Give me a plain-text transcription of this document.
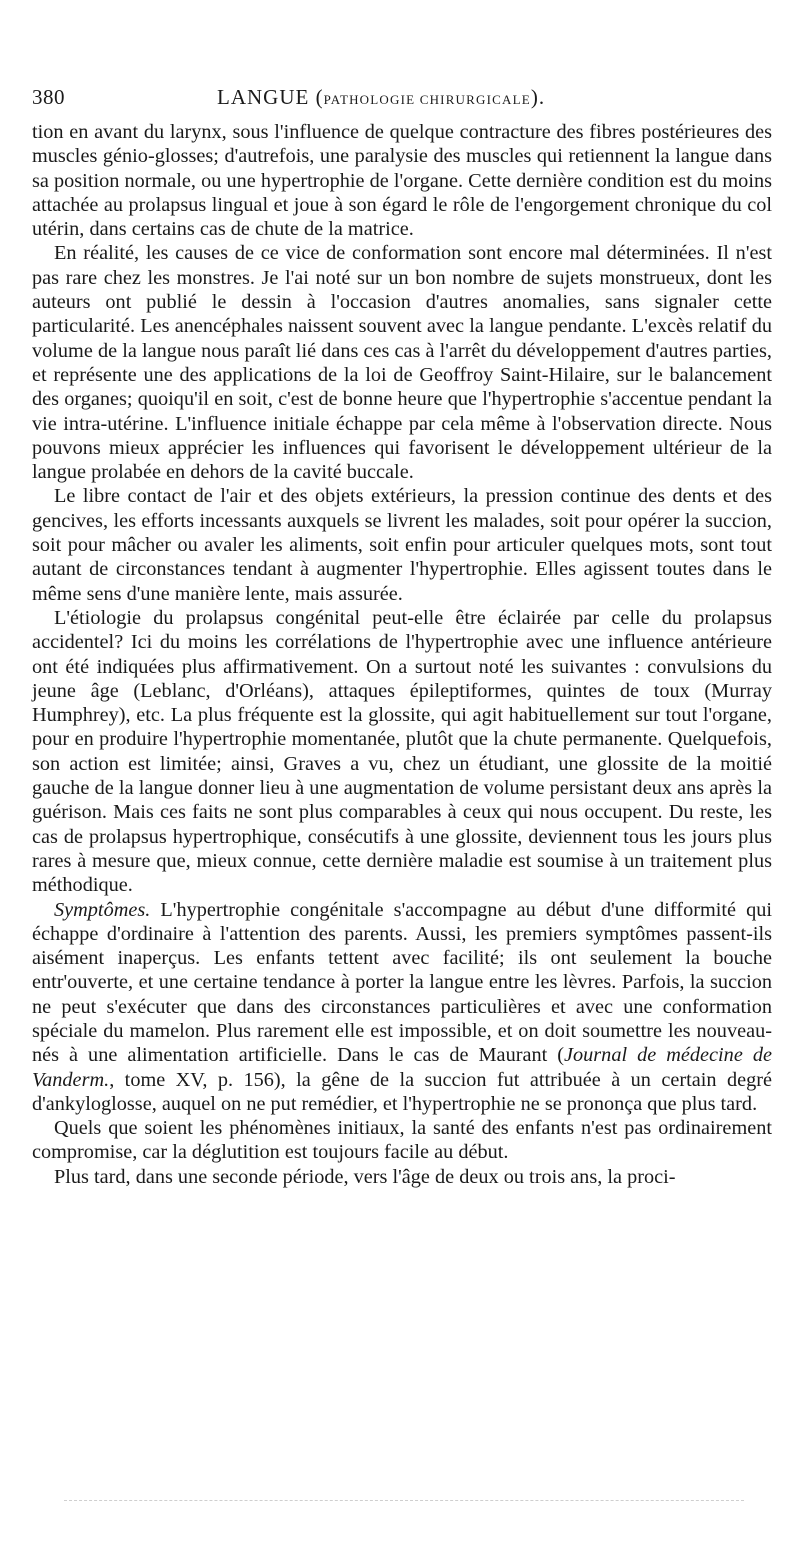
380	LANGUE (PATHOLOGIE CHIRURGICALE).

tion en avant du larynx, sous l'influence de quelque contracture des fibres postérieures des muscles génio-glosses; d'autrefois, une paralysie des muscles qui retiennent la langue dans sa position normale, ou une hypertrophie de l'organe. Cette dernière condition est du moins attachée au prolapsus lingual et joue à son égard le rôle de l'engorgement chronique du col utérin, dans certains cas de chute de la matrice.

En réalité, les causes de ce vice de conformation sont encore mal déterminées. Il n'est pas rare chez les monstres. Je l'ai noté sur un bon nombre de sujets monstrueux, dont les auteurs ont publié le dessin à l'occasion d'autres anomalies, sans signaler cette particularité. Les anencéphales naissent souvent avec la langue pendante. L'excès relatif du volume de la langue nous paraît lié dans ces cas à l'arrêt du développement d'autres parties, et représente une des applications de la loi de Geoffroy Saint-Hilaire, sur le balancement des organes; quoiqu'il en soit, c'est de bonne heure que l'hypertrophie s'accentue pendant la vie intra-utérine. L'influence initiale échappe par cela même à l'observation directe. Nous pouvons mieux apprécier les influences qui favorisent le développement ultérieur de la langue prolabée en dehors de la cavité buccale.

Le libre contact de l'air et des objets extérieurs, la pression continue des dents et des gencives, les efforts incessants auxquels se livrent les malades, soit pour opérer la succion, soit pour mâcher ou avaler les aliments, soit enfin pour articuler quelques mots, sont tout autant de circonstances tendant à augmenter l'hypertrophie. Elles agissent toutes dans le même sens d'une manière lente, mais assurée.

L'étiologie du prolapsus congénital peut-elle être éclairée par celle du prolapsus accidentel? Ici du moins les corrélations de l'hypertrophie avec une influence antérieure ont été indiquées plus affirmativement. On a surtout noté les suivantes : convulsions du jeune âge (Leblanc, d'Orléans), attaques épileptiformes, quintes de toux (Murray Humphrey), etc. La plus fréquente est la glossite, qui agit habituellement sur tout l'organe, pour en produire l'hypertrophie momentanée, plutôt que la chute permanente. Quelquefois, son action est limitée; ainsi, Graves a vu, chez un étudiant, une glossite de la moitié gauche de la langue donner lieu à une augmentation de volume persistant deux ans après la guérison. Mais ces faits ne sont plus comparables à ceux qui nous occupent. Du reste, les cas de prolapsus hypertrophique, consécutifs à une glossite, deviennent tous les jours plus rares à mesure que, mieux connue, cette dernière maladie est soumise à un traitement plus méthodique.

Symptômes. L'hypertrophie congénitale s'accompagne au début d'une difformité qui échappe d'ordinaire à l'attention des parents. Aussi, les premiers symptômes passent-ils aisément inaperçus. Les enfants tettent avec facilité; ils ont seulement la bouche entr'ouverte, et une certaine tendance à porter la langue entre les lèvres. Parfois, la succion ne peut s'exécuter que dans des circonstances particulières et avec une conformation spéciale du mamelon. Plus rarement elle est impossible, et on doit soumettre les nouveau-nés à une alimentation artificielle. Dans le cas de Maurant (Journal de médecine de Vanderm., tome XV, p. 156), la gêne de la succion fut attribuée à un certain degré d'ankyloglosse, auquel on ne put remédier, et l'hypertrophie ne se prononça que plus tard.

Quels que soient les phénomènes initiaux, la santé des enfants n'est pas ordinairement compromise, car la déglutition est toujours facile au début.

Plus tard, dans une seconde période, vers l'âge de deux ou trois ans, la proci-
